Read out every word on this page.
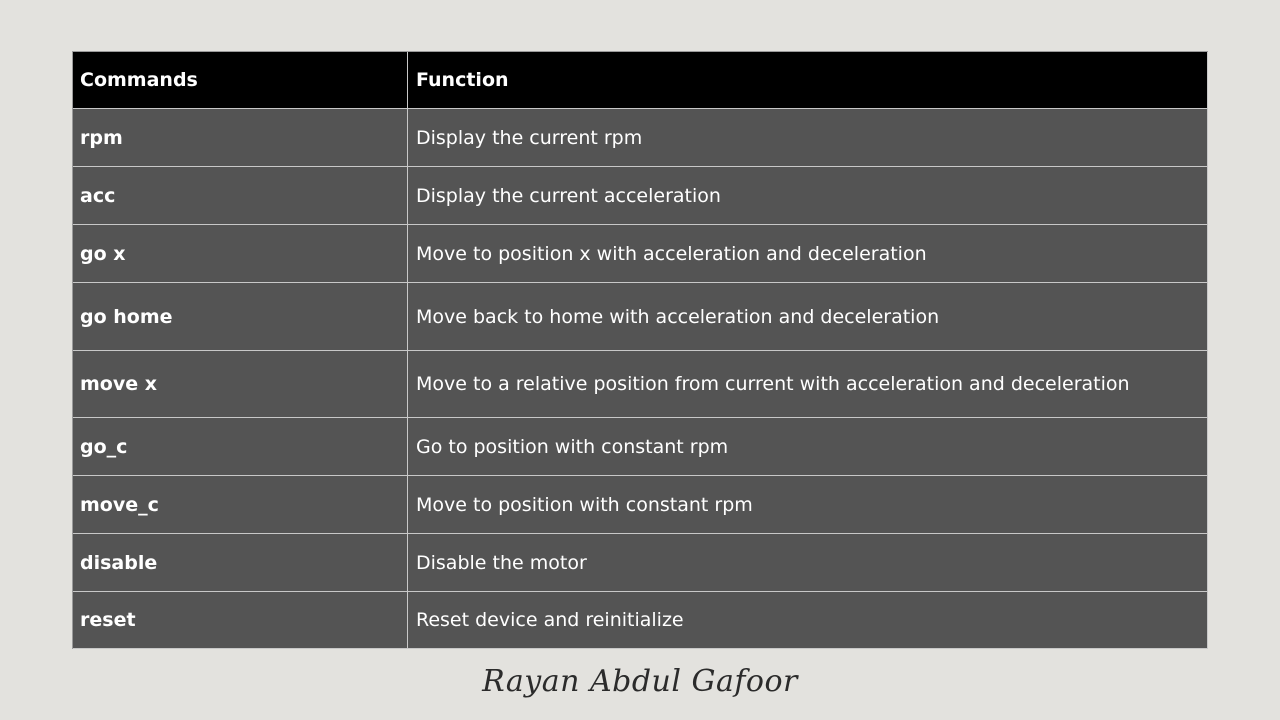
Commands	Function
rpm	Display the current rpm
acc	Display the current acceleration
go x	Move to position x with acceleration and deceleration
go home	Move back to home with acceleration and deceleration
move x	Move to a relative position from current with acceleration and deceleration
go_c	Go to position with constant rpm
move_c	Move to position with constant rpm
disable	Disable the motor
reset	Reset device and reinitialize
Rayan Abdul Gafoor
